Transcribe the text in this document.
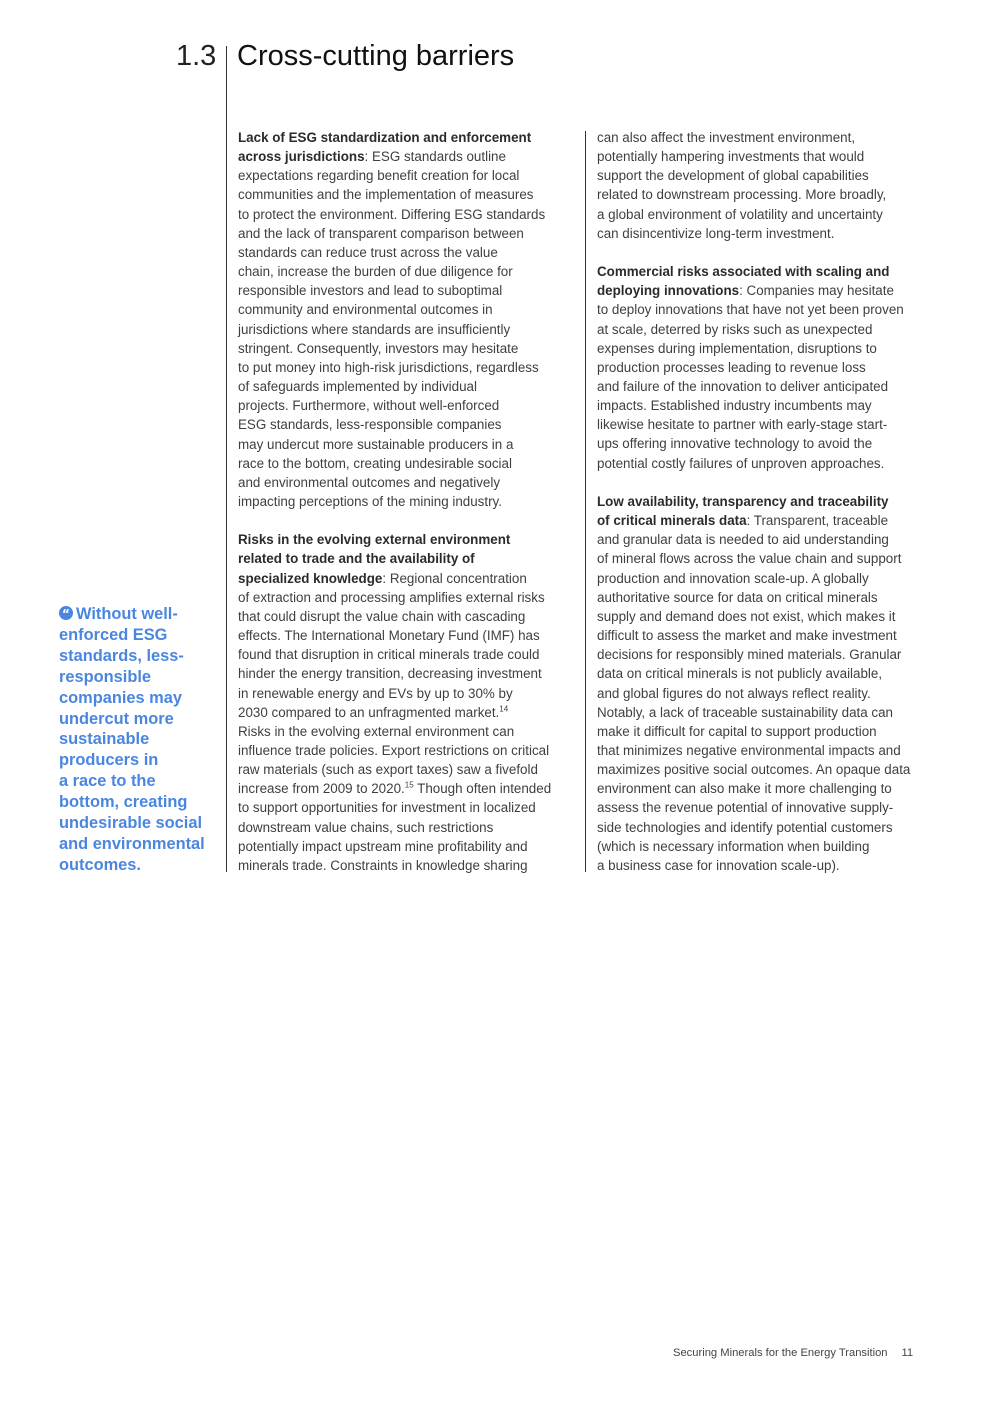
1.3 Cross-cutting barriers
“ Without well-
enforced ESG
standards, less-
responsible
companies may
undercut more
sustainable
producers in
a race to the
bottom, creating
undesirable social
and environmental
outcomes.

Lack of ESG standardization and enforcement
across jurisdictions: ESG standards outline
expectations regarding benefit creation for local
communities and the implementation of measures
to protect the environment. Differing ESG standards
and the lack of transparent comparison between
standards can reduce trust across the value
chain, increase the burden of due diligence for
responsible investors and lead to suboptimal
community and environmental outcomes in
jurisdictions where standards are insufficiently
stringent. Consequently, investors may hesitate
to put money into high-risk jurisdictions, regardless
of safeguards implemented by individual
projects. Furthermore, without well-enforced
ESG standards, less-responsible companies
may undercut more sustainable producers in a
race to the bottom, creating undesirable social
and environmental outcomes and negatively
impacting perceptions of the mining industry.

Risks in the evolving external environment
related to trade and the availability of
specialized knowledge: Regional concentration
of extraction and processing amplifies external risks
that could disrupt the value chain with cascading
effects. The International Monetary Fund (IMF) has
found that disruption in critical minerals trade could
hinder the energy transition, decreasing investment
in renewable energy and EVs by up to 30% by
2030 compared to an unfragmented market.$^{14}$
Risks in the evolving external environment can
influence trade policies. Export restrictions on critical
raw materials (such as export taxes) saw a fivefold
increase from 2009 to 2020.15 Though often intended
to support opportunities for investment in localized
downstream value chains, such restrictions
potentially impact upstream mine profitability and
minerals trade. Constraints in knowledge sharing

can also affect the investment environment,
potentially hampering investments that would
support the development of global capabilities
related to downstream processing. More broadly,
a global environment of volatility and uncertainty
can disincentivize long-term investment.

Commercial risks associated with scaling and
deploying innovations: Companies may hesitate
to deploy innovations that have not yet been proven
at scale, deterred by risks such as unexpected
expenses during implementation, disruptions to
production processes leading to revenue loss
and failure of the innovation to deliver anticipated
impacts. Established industry incumbents may
likewise hesitate to partner with early-stage start-
ups offering innovative technology to avoid the
potential costly failures of unproven approaches.

Low availability, transparency and traceability
of critical minerals data: Transparent, traceable
and granular data is needed to aid understanding
of mineral flows across the value chain and support
production and innovation scale-up. A globally
authoritative source for data on critical minerals
supply and demand does not exist, which makes it
difficult to assess the market and make investment
decisions for responsibly mined materials. Granular
data on critical minerals is not publicly available,
and global figures do not always reflect reality.
Notably, a lack of traceable sustainability data can
make it difficult for capital to support production
that minimizes negative environmental impacts and
maximizes positive social outcomes. An opaque data
environment can also make it more challenging to
assess the revenue potential of innovative supply-
side technologies and identify potential customers
(which is necessary information when building
a business case for innovation scale-up).

Securing Minerals for the Energy Transition 11
